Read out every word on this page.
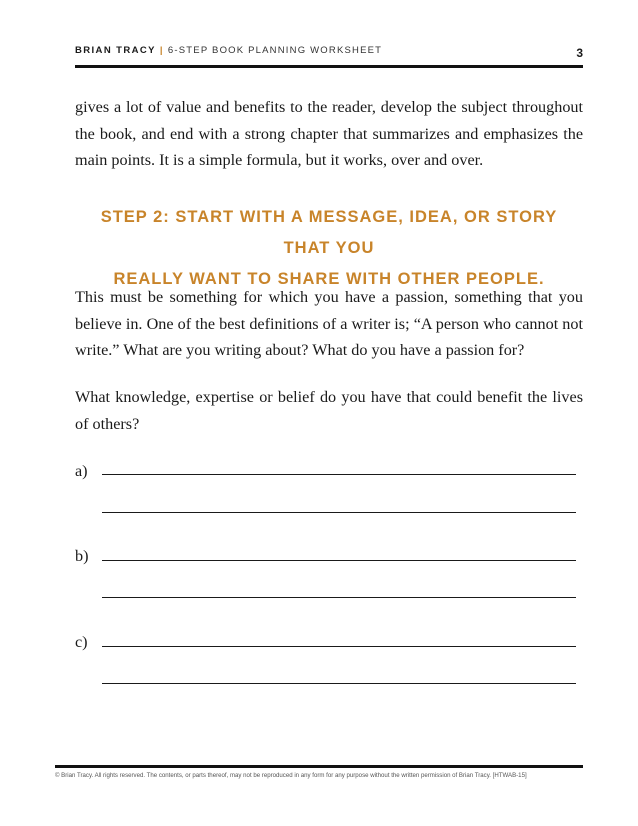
BRIAN TRACY | 6-STEP BOOK PLANNING WORKSHEET	3

gives a lot of value and benefits to the reader, develop the subject throughout the book, and end with a strong chapter that summarizes and emphasizes the main points. It is a simple formula, but it works, over and over.

STEP 2: START WITH A MESSAGE, IDEA, OR STORY THAT YOU
REALLY WANT TO SHARE WITH OTHER PEOPLE.

This must be something for which you have a passion, something that you believe in. One of the best definitions of a writer is; “A person who cannot not write.” What are you writing about? What do you have a passion for?

What knowledge, expertise or belief do you have that could benefit the lives of others?

a)
b)
c)
© Brian Tracy. All rights reserved. The contents, or parts thereof, may not be reproduced in any form for any purpose without the written permission of Brian Tracy. [HTWAB-15]
